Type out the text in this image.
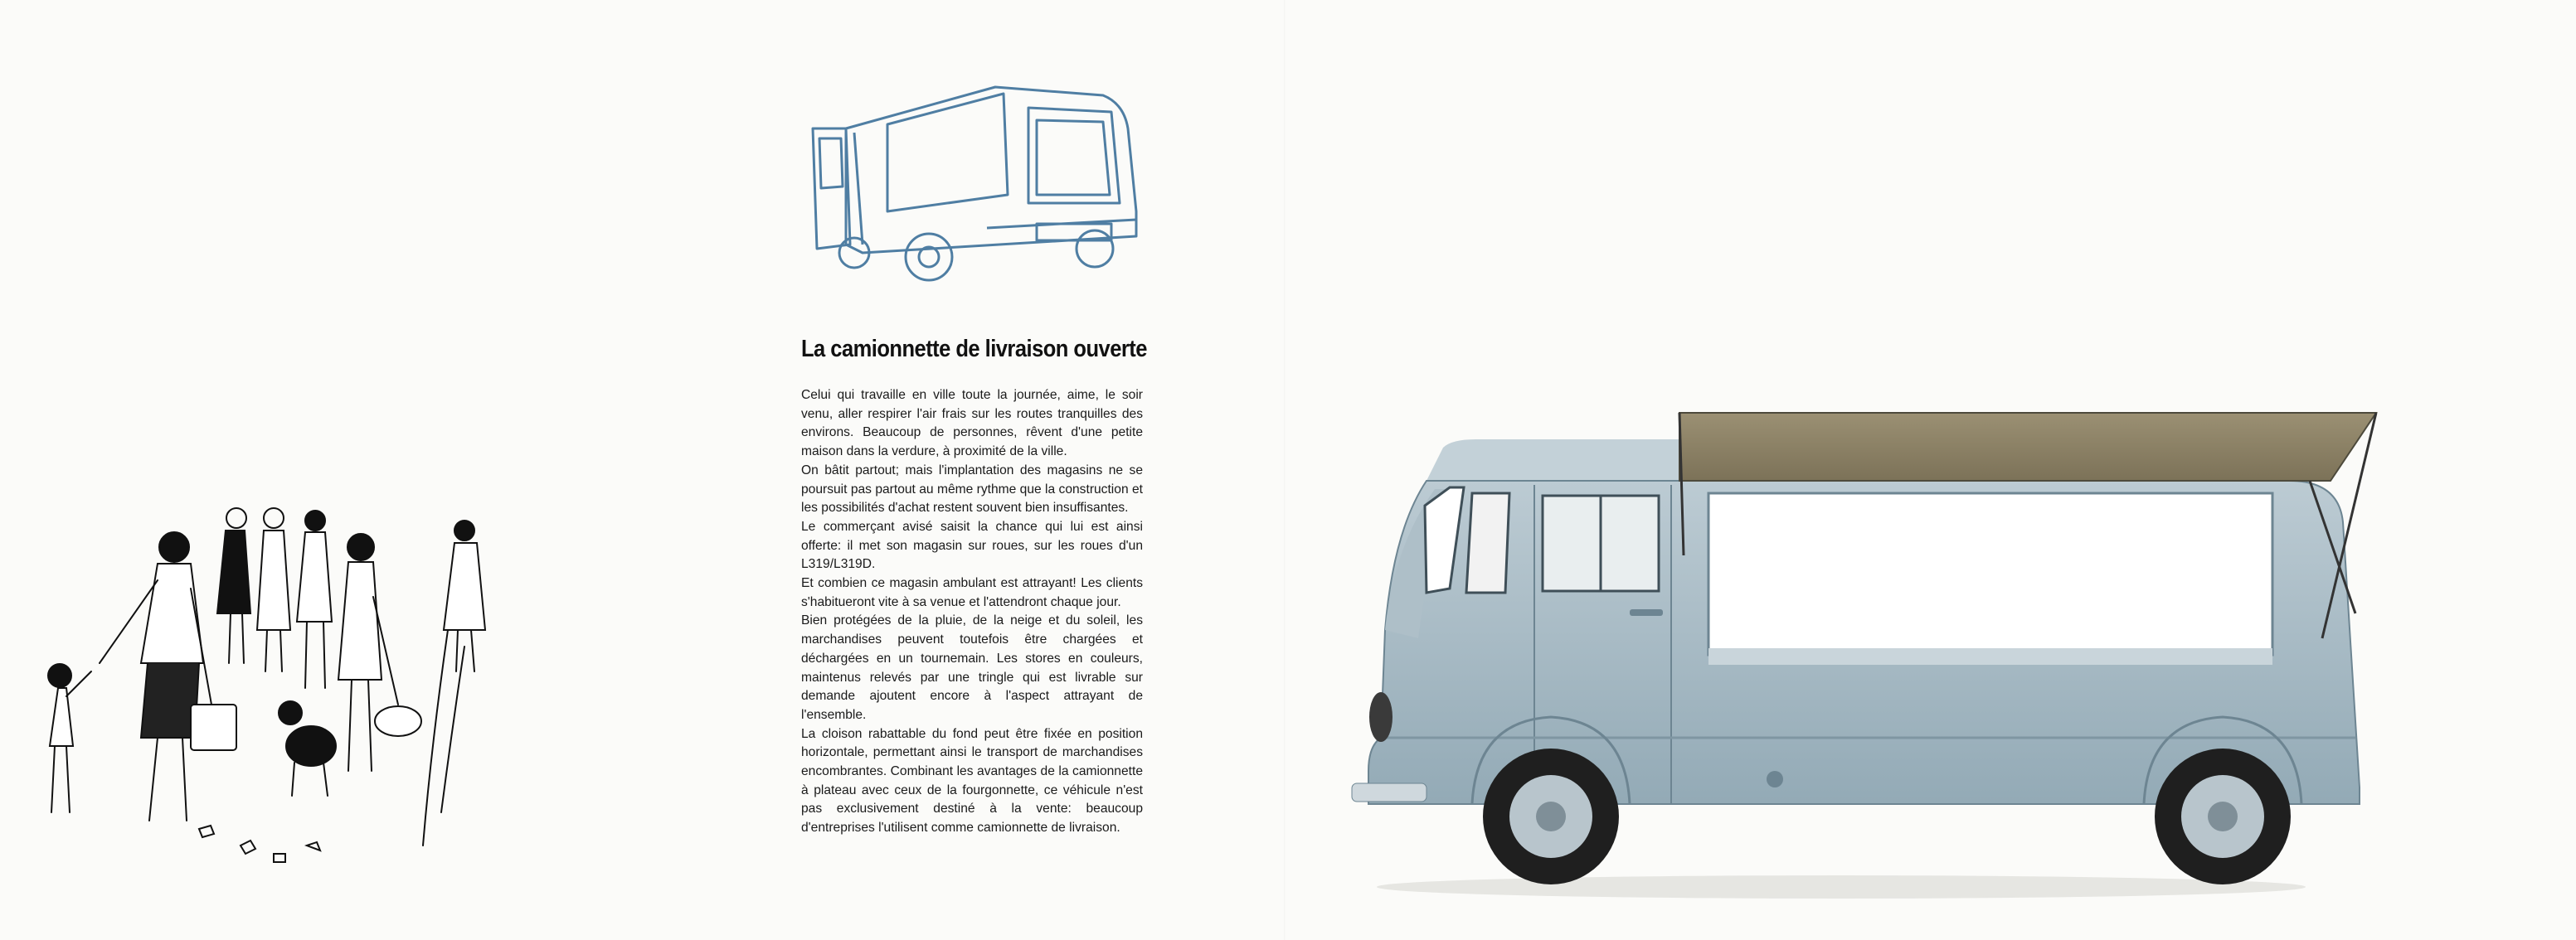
La camionnette de livraison ouverte

Celui qui travaille en ville toute la journée, aime, le soir venu, aller respirer l'air frais sur les routes tranquilles des environs. Beaucoup de personnes, rêvent d'une petite maison dans la verdure, à proximité de la ville.

On bâtit partout; mais l'implantation des magasins ne se poursuit pas partout au même rythme que la construction et les possibilités d'achat restent souvent bien insuffisantes.

Le commerçant avisé saisit la chance qui lui est ainsi offerte: il met son magasin sur roues, sur les roues d'un L319/L319D.

Et combien ce magasin ambulant est attrayant! Les clients s'habitueront vite à sa venue et l'attendront chaque jour.

Bien protégées de la pluie, de la neige et du soleil, les marchandises peuvent toutefois être chargées et déchargées en un tournemain. Les stores en couleurs, maintenus relevés par une tringle qui est livrable sur demande ajoutent encore à l'aspect attrayant de l'ensemble.

La cloison rabattable du fond peut être fixée en position horizontale, permettant ainsi le transport de marchandises encombrantes. Combinant les avantages de la camionnette à plateau avec ceux de la fourgonnette, ce véhicule n'est pas exclusivement destiné à la vente: beaucoup d'entreprises l'utilisent comme camionnette de livraison.
